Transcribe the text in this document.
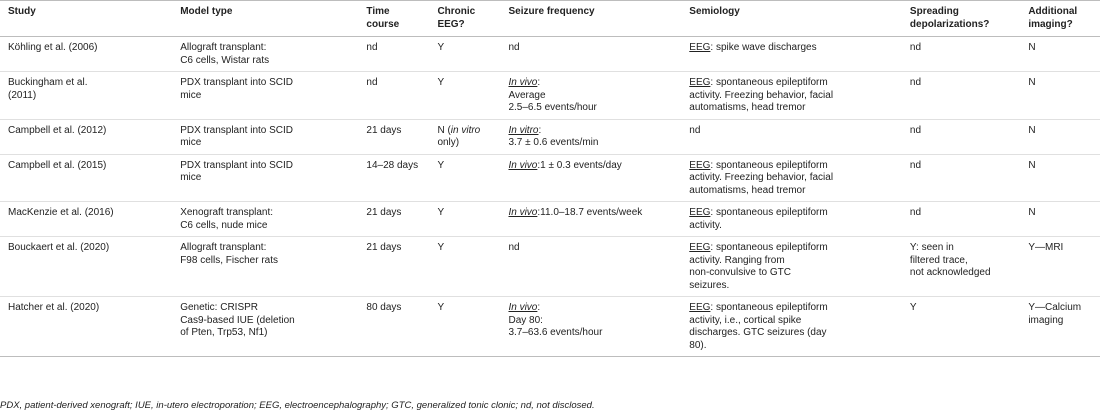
Study	Model type	Time
course	Chronic
EEG?	Seizure frequency	Semiology	Spreading
depolarizations?	Additional
imaging?
Köhling et al. (2006)	Allograft transplant:
C6 cells, Wistar rats	nd	Y	nd	EEG: spike wave discharges	nd	N
Buckingham et al.
(2011)	PDX transplant into SCID
mice	nd	Y	In vivo:
Average
2.5–6.5 events/hour	EEG: spontaneous epileptiform
activity. Freezing behavior, facial
automatisms, head tremor	nd	N
Campbell et al. (2012)	PDX transplant into SCID
mice	21 days	N (in vitro
only)	In vitro:
3.7 ± 0.6 events/min	nd	nd	N
Campbell et al. (2015)	PDX transplant into SCID
mice	14–28 days	Y	In vivo:1 ± 0.3 events/day	EEG: spontaneous epileptiform
activity. Freezing behavior, facial
automatisms, head tremor	nd	N
MacKenzie et al. (2016)	Xenograft transplant:
C6 cells, nude mice	21 days	Y	In vivo:11.0–18.7 events/week	EEG: spontaneous epileptiform
activity.	nd	N
Bouckaert et al. (2020)	Allograft transplant:
F98 cells, Fischer rats	21 days	Y	nd	EEG: spontaneous epileptiform
activity. Ranging from
non-convulsive to GTC
seizures.	Y: seen in
filtered trace,
not acknowledged	Y—MRI
Hatcher et al. (2020)	Genetic: CRISPR
Cas9-based IUE (deletion
of Pten, Trp53, Nf1)	80 days	Y	In vivo:
Day 80:
3.7–63.6 events/hour	EEG: spontaneous epileptiform
activity, i.e., cortical spike
discharges. GTC seizures (day
80).	Y	Y—Calcium
imaging
PDX, patient-derived xenograft; IUE, in-utero electroporation; EEG, electroencephalography; GTC, generalized tonic clonic; nd, not disclosed.
